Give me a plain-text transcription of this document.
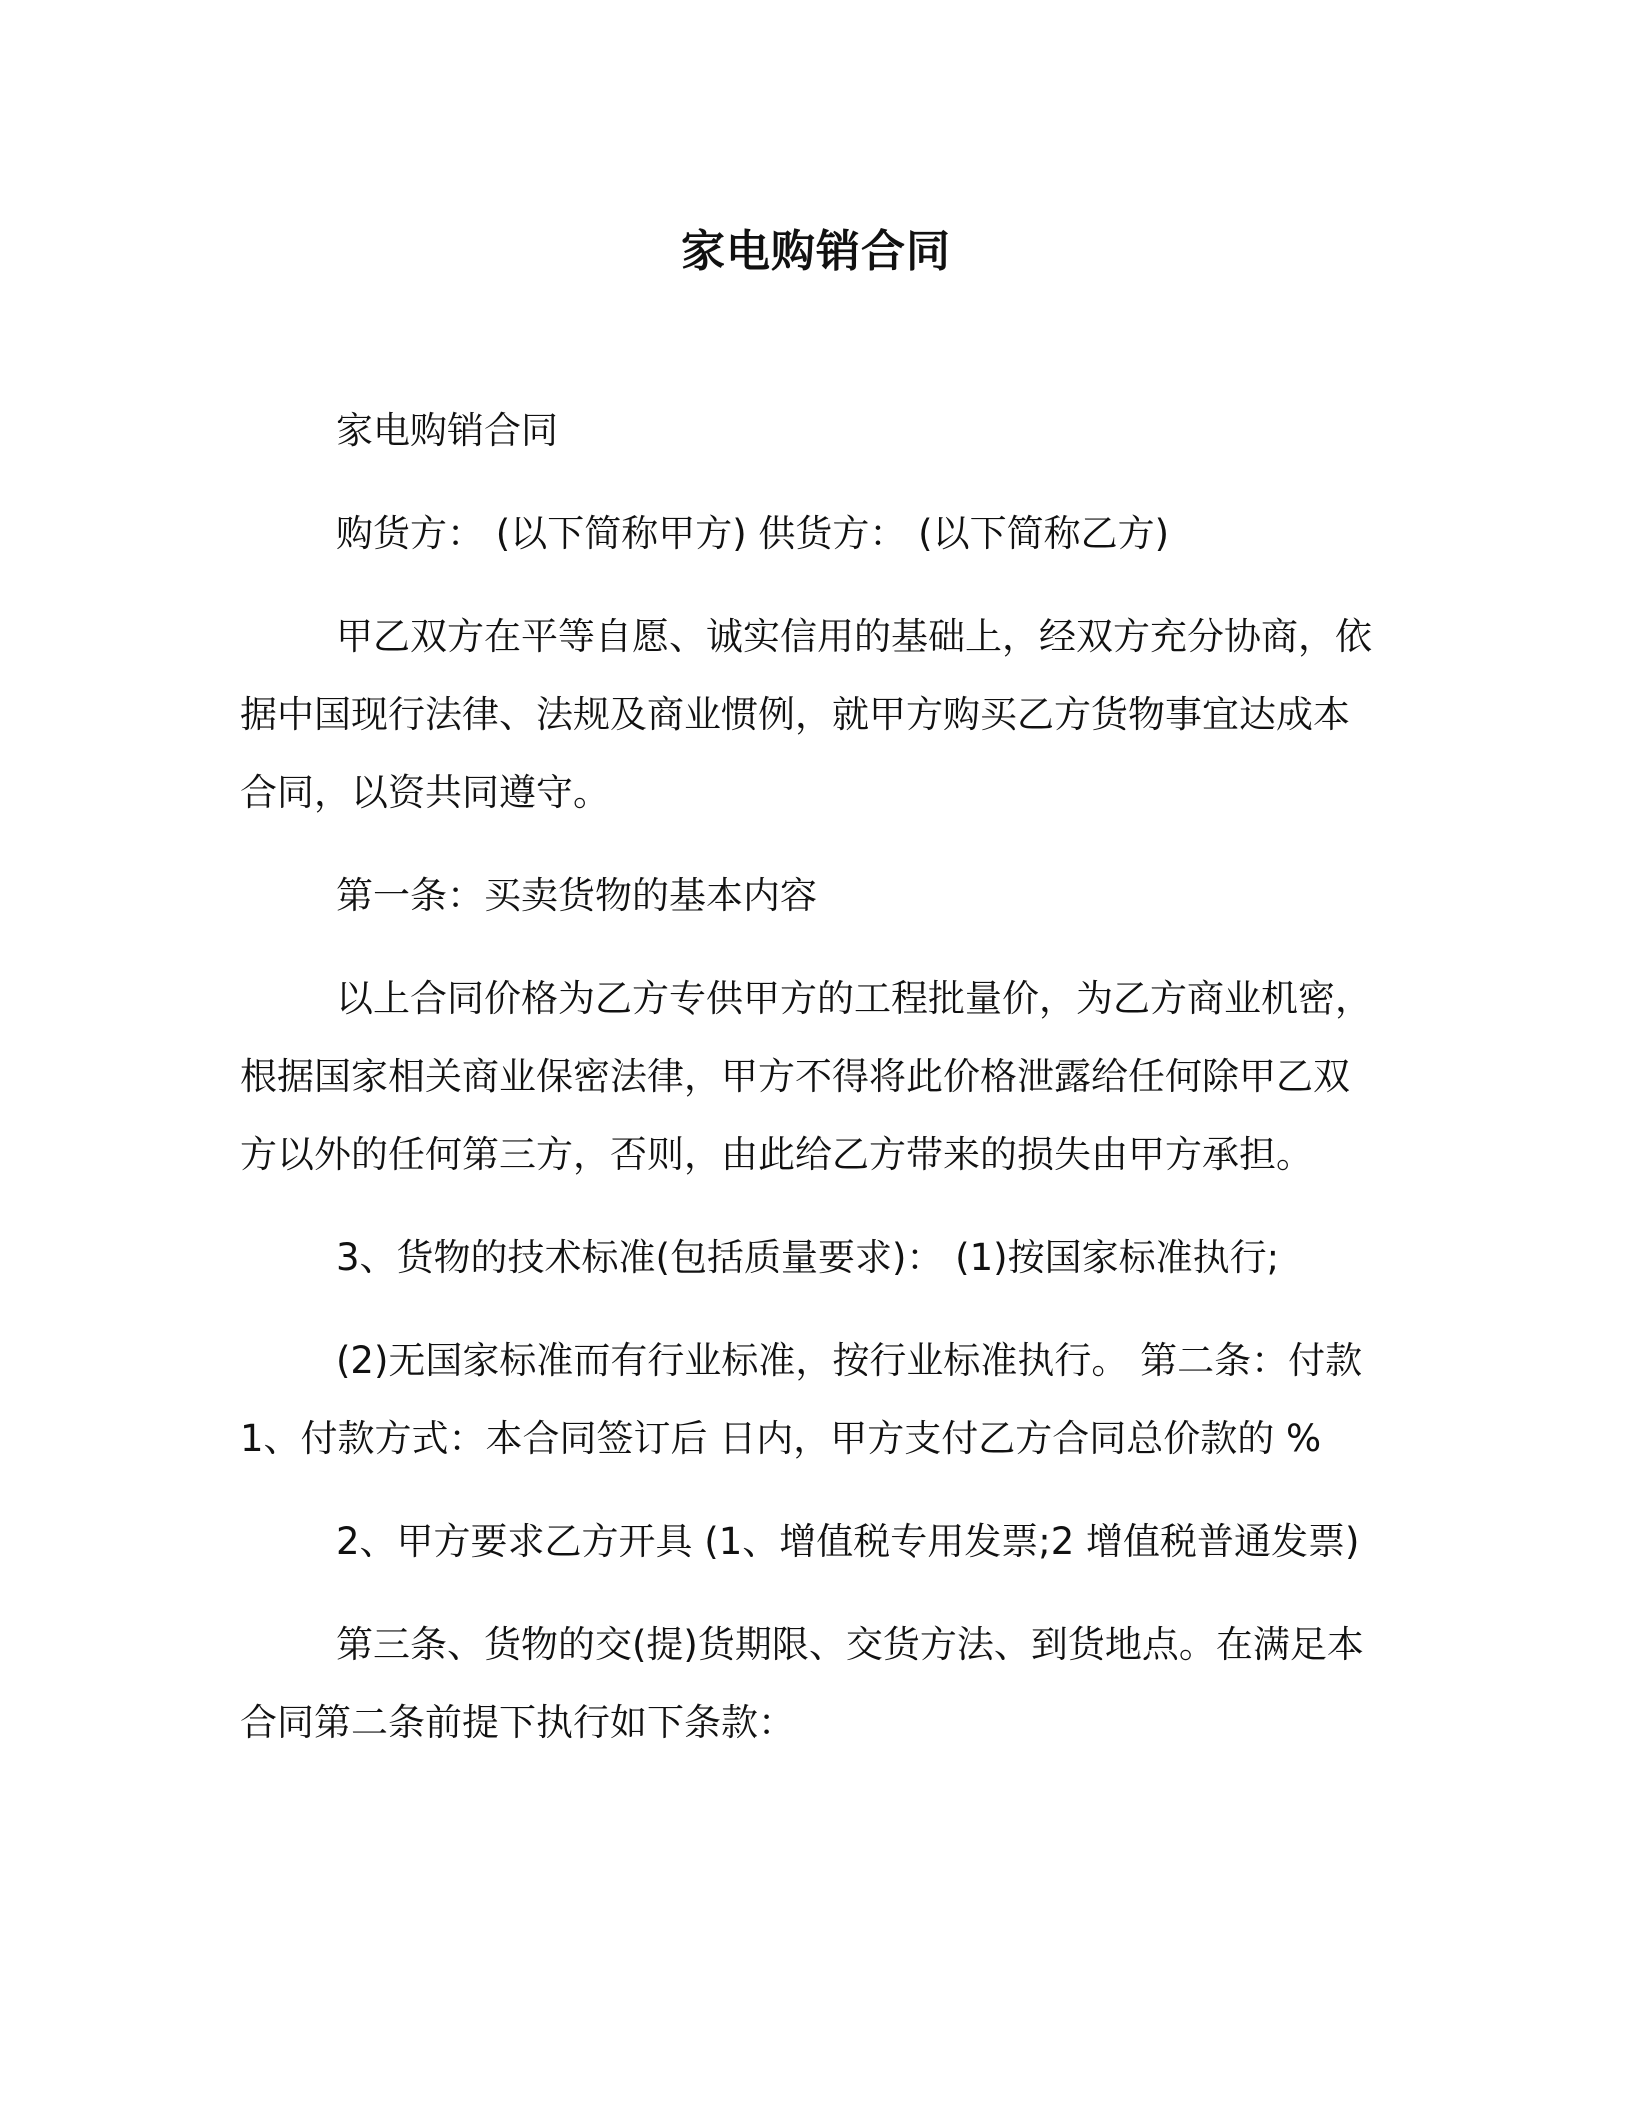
家电购销合同

家电购销合同

购货方： (以下简称甲方) 供货方： (以下简称乙方)

甲乙双方在平等自愿、诚实信用的基础上，经双方充分协商，依据中国现行法律、法规及商业惯例，就甲方购买乙方货物事宜达成本合同，以资共同遵守。

第一条：买卖货物的基本内容

以上合同价格为乙方专供甲方的工程批量价，为乙方商业机密，根据国家相关商业保密法律，甲方不得将此价格泄露给任何除甲乙双方以外的任何第三方，否则，由此给乙方带来的损失由甲方承担。

3、货物的技术标准(包括质量要求)： (1)按国家标准执行;

(2)无国家标准而有行业标准，按行业标准执行。 第二条：付款 1、付款方式：本合同签订后 日内，甲方支付乙方合同总价款的 %

2、甲方要求乙方开具 (1、增值税专用发票;2 增值税普通发票)

第三条、货物的交(提)货期限、交货方法、到货地点。在满足本合同第二条前提下执行如下条款：
